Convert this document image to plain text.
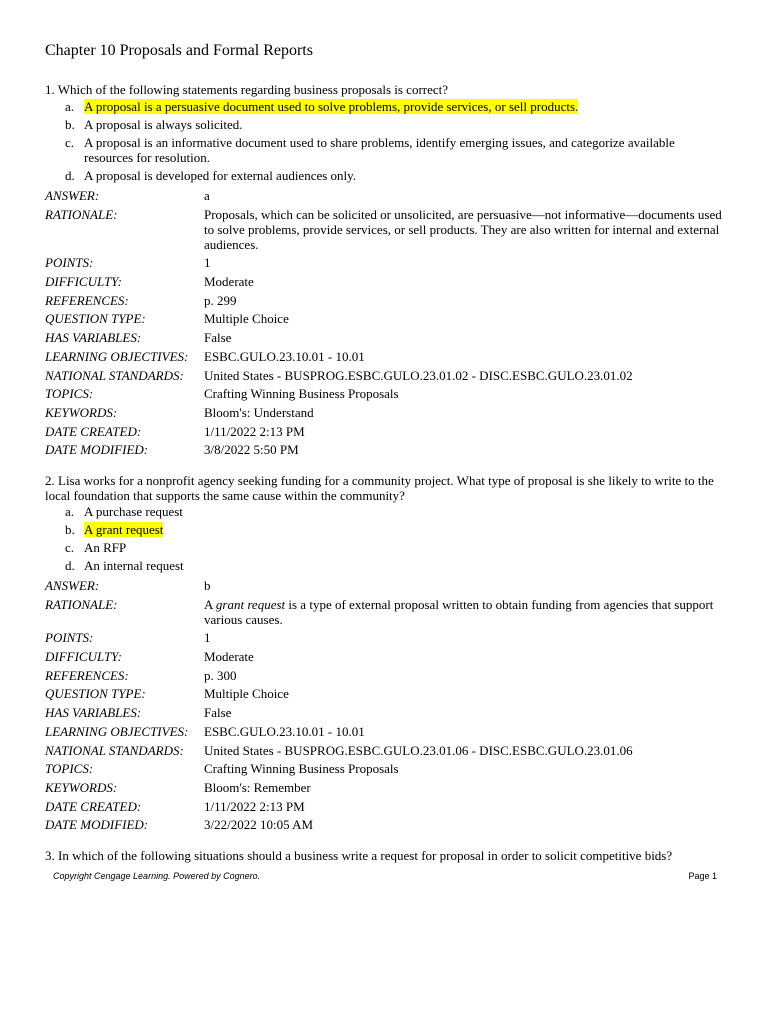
Chapter 10 Proposals and Formal Reports
1. Which of the following statements regarding business proposals is correct?
a. A proposal is a persuasive document used to solve problems, provide services, or sell products.
b. A proposal is always solicited.
c. A proposal is an informative document used to share problems, identify emerging issues, and categorize available resources for resolution.
d. A proposal is developed for external audiences only.
ANSWER:	a
RATIONALE:	Proposals, which can be solicited or unsolicited, are persuasive—not informative—documents used to solve problems, provide services, or sell products. They are also written for internal and external audiences.
POINTS:	1
DIFFICULTY:	Moderate
REFERENCES:	p. 299
QUESTION TYPE:	Multiple Choice
HAS VARIABLES:	False
LEARNING OBJECTIVES:	ESBC.GULO.23.10.01 - 10.01
NATIONAL STANDARDS:	United States - BUSPROG.ESBC.GULO.23.01.02 - DISC.ESBC.GULO.23.01.02
TOPICS:	Crafting Winning Business Proposals
KEYWORDS:	Bloom's: Understand
DATE CREATED:	1/11/2022 2:13 PM
DATE MODIFIED:	3/8/2022 5:50 PM
2. Lisa works for a nonprofit agency seeking funding for a community project. What type of proposal is she likely to write to the local foundation that supports the same cause within the community?
a. A purchase request
b. A grant request
c. An RFP
d. An internal request
ANSWER:	b
RATIONALE:	A grant request is a type of external proposal written to obtain funding from agencies that support various causes.
POINTS:	1
DIFFICULTY:	Moderate
REFERENCES:	p. 300
QUESTION TYPE:	Multiple Choice
HAS VARIABLES:	False
LEARNING OBJECTIVES:	ESBC.GULO.23.10.01 - 10.01
NATIONAL STANDARDS:	United States - BUSPROG.ESBC.GULO.23.01.06 - DISC.ESBC.GULO.23.01.06
TOPICS:	Crafting Winning Business Proposals
KEYWORDS:	Bloom's: Remember
DATE CREATED:	1/11/2022 2:13 PM
DATE MODIFIED:	3/22/2022 10:05 AM
3. In which of the following situations should a business write a request for proposal in order to solicit competitive bids?
Copyright Cengage Learning. Powered by Cognero.	Page 1
